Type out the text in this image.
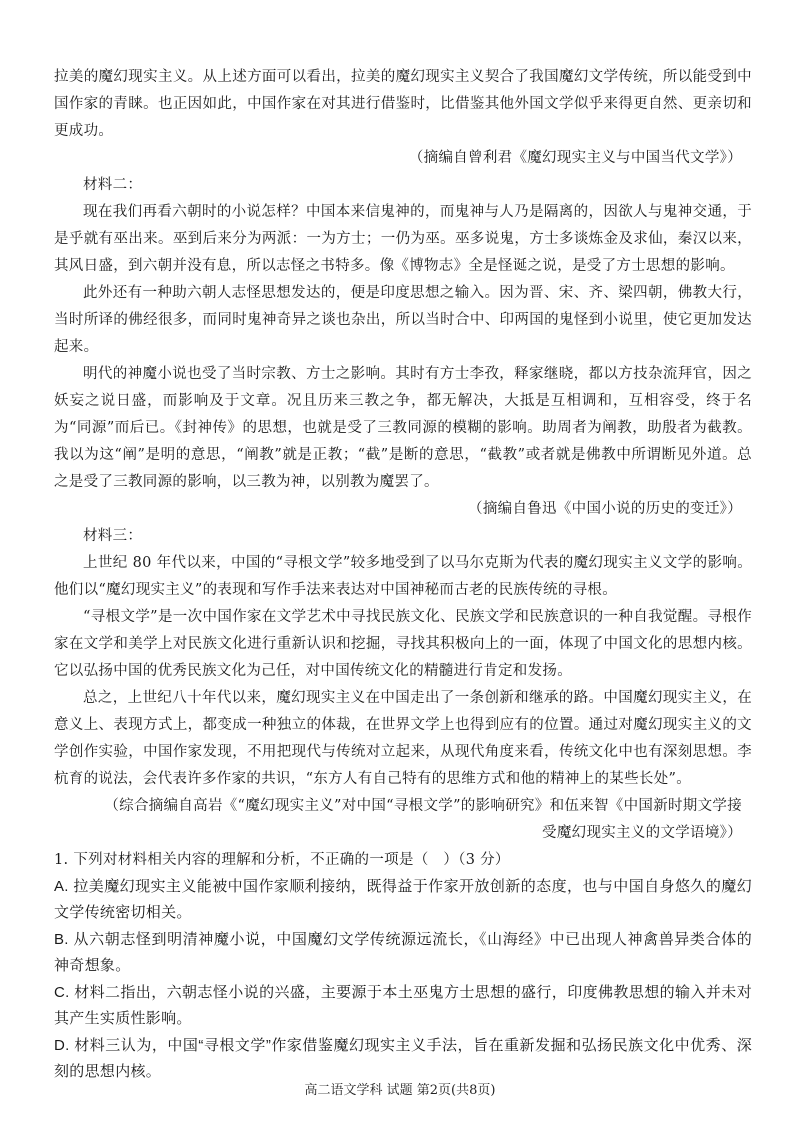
拉美的魔幻现实主义。从上述方面可以看出，拉美的魔幻现实主义契合了我国魔幻文学传统，所以能受到中国作家的青睐。也正因如此，中国作家在对其进行借鉴时，比借鉴其他外国文学似乎来得更自然、更亲切和更成功。

（摘编自曾利君《魔幻现实主义与中国当代文学》）

材料二：

现在我们再看六朝时的小说怎样？中国本来信鬼神的，而鬼神与人乃是隔离的，因欲人与鬼神交通，于是乎就有巫出来。巫到后来分为两派：一为方士；一仍为巫。巫多说鬼，方士多谈炼金及求仙，秦汉以来，其风日盛，到六朝并没有息，所以志怪之书特多。像《博物志》全是怪诞之说，是受了方士思想的影响。

此外还有一种助六朝人志怪思想发达的，便是印度思想之输入。因为晋、宋、齐、梁四朝，佛教大行，当时所译的佛经很多，而同时鬼神奇异之谈也杂出，所以当时合中、印两国的鬼怪到小说里，使它更加发达起来。

明代的神魔小说也受了当时宗教、方士之影响。其时有方士李孜，释家继晓，都以方技杂流拜官，因之妖妄之说日盛，而影响及于文章。况且历来三教之争，都无解决，大抵是互相调和，互相容受，终于名为“同源”而后已。《封神传》的思想，也就是受了三教同源的模糊的影响。助周者为阐教，助殷者为截教。我以为这“阐”是明的意思，“阐教”就是正教；“截”是断的意思，“截教”或者就是佛教中所谓断见外道。总之是受了三教同源的影响，以三教为神，以别教为魔罢了。

（摘编自鲁迅《中国小说的历史的变迁》）

材料三：

上世纪 80 年代以来，中国的“寻根文学”较多地受到了以马尔克斯为代表的魔幻现实主义文学的影响。他们以“魔幻现实主义”的表现和写作手法来表达对中国神秘而古老的民族传统的寻根。

“寻根文学”是一次中国作家在文学艺术中寻找民族文化、民族文学和民族意识的一种自我觉醒。寻根作家在文学和美学上对民族文化进行重新认识和挖掘，寻找其积极向上的一面，体现了中国文化的思想内核。它以弘扬中国的优秀民族文化为己任，对中国传统文化的精髓进行肯定和发扬。

总之，上世纪八十年代以来，魔幻现实主义在中国走出了一条创新和继承的路。中国魔幻现实主义，在意义上、表现方式上，都变成一种独立的体裁，在世界文学上也得到应有的位置。通过对魔幻现实主义的文学创作实验，中国作家发现，不用把现代与传统对立起来，从现代角度来看，传统文化中也有深刻思想。李杭育的说法，会代表许多作家的共识，“东方人有自己特有的思维方式和他的精神上的某些长处”。

（综合摘编自高岩《“魔幻现实主义”对中国“寻根文学”的影响研究》和伍来智《中国新时期文学接受魔幻现实主义的文学语境》）

1. 下列对材料相关内容的理解和分析，不正确的一项是（　）（3 分）

A. 拉美魔幻现实主义能被中国作家顺利接纳，既得益于作家开放创新的态度，也与中国自身悠久的魔幻文学传统密切相关。

B. 从六朝志怪到明清神魔小说，中国魔幻文学传统源远流长，《山海经》中已出现人神禽兽异类合体的神奇想象。

C. 材料二指出，六朝志怪小说的兴盛，主要源于本土巫鬼方士思想的盛行，印度佛教思想的输入并未对其产生实质性影响。

D. 材料三认为，中国“寻根文学”作家借鉴魔幻现实主义手法，旨在重新发掘和弘扬民族文化中优秀、深刻的思想内核。

高二语文学科 试题 第2页(共8页)
